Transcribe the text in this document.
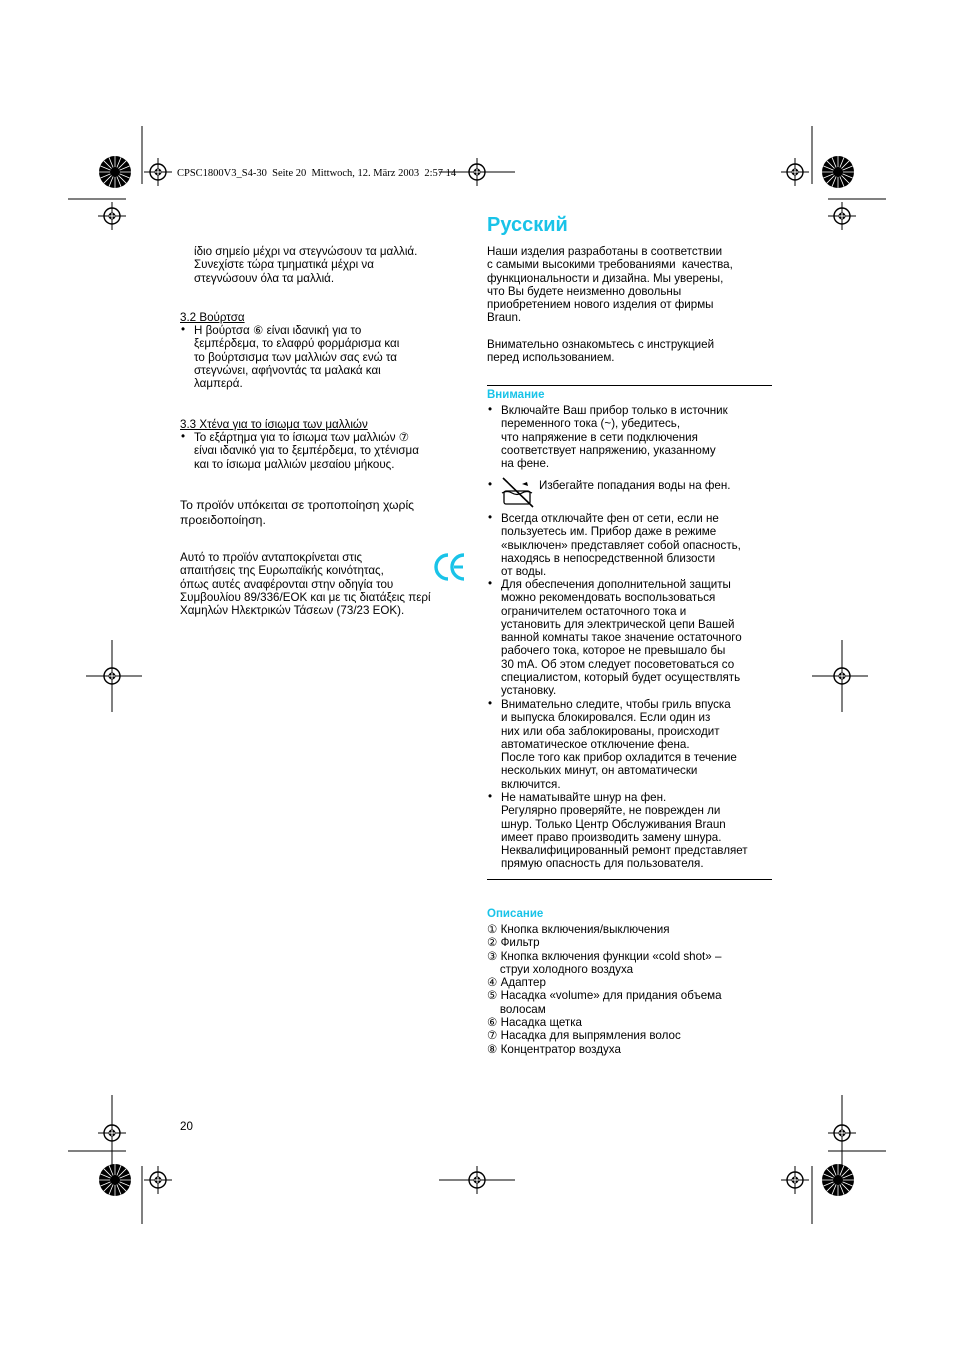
CPSC1800V3_S4-30  Seite 20  Mittwoch, 12. März 2003  2:57 14
ίδιο σημείο μέχρι να στεγνώσουν τα μαλλιά.
Συνεχίστε τώρα τμηματικά μέχρι να
στεγνώσουν όλα τα μαλλιά.
3.2 Βούρτσα
• Η βούρτσα ⑥ είναι ιδανική για το
ξεμπέρδεμα, το ελαφρύ φορμάρισμα και
το βούρτσισμα των μαλλιών σας ενώ τα
στεγνώνει, αφήνοντάς τα μαλακά και
λαμπερά.
3.3 Χτένα για το ίσιωμα των μαλλιών
• Το εξάρτημα για το ίσιωμα των μαλλιών ⑦
είναι ιδανικό για το ξεμπέρδεμα, το χτένισμα
και το ίσιωμα μαλλιών μεσαίου μήκους.
Το προϊόν υπόκειται σε τροποποίηση χωρίς
προειδοποίηση.
Αυτό το προϊόν ανταποκρίνεται στις
απαιτήσεις της Ευρωπαϊκής κοινότητας,
όπως αυτές αναφέρονται στην οδηγία του
Συμβουλίου 89/336/ΕΟΚ και με τις διατάξεις περί
Χαμηλών Ηλεκτρικών Τάσεων (73/23 ΕΟΚ).
Русский
Наши изделия разработаны в соответствии
с самыми высокими требованиями  качества,
функциональности и дизайна. Мы уверены,
что Вы будете неизменно довольны
приобретением нового изделия от фирмы
Braun.
Внимательно ознакомьтесь с инструкцией
перед использованием.
Внимание
• Включайте Ваш прибор только в источник
переменного тока (~), убедитесь,
что напряжение в сети подключения
соответствует напряжению, указанному
на фене.
•	Избегайте попадания воды на фен.
• Всегда отключайте фен от сети, если не
пользуетесь им. Прибор даже в режиме
«выключен» представляет собой опасность,
находясь в непосредственной близости
от воды.
• Для обеспечения дополнительной защиты
можно рекомендовать воспользоваться
ограничителем остаточного тока и
установить для электрической цепи Вашей
ванной комнаты такое значение остаточного
рабочего тока, которое не превышало бы
30 mA. Об этом следует посоветоваться со
специалистом, который будет осуществлять
установку.
• Внимательно следите, чтобы гриль впуска
и выпуска блокировался. Если один из
них или оба заблокированы, происходит
автоматическое отключение фена.
После того как прибор охладится в течение
нескольких минут, он автоматически
включится.
• Не наматывайте шнур на фен.
Регулярно проверяйте, не поврежден ли
шнур. Только Центр Обслуживания Braun
имеет право производить замену шнура.
Неквалифицированный ремонт представляет
прямую опасность для пользователя.
Описание
① Кнопка включения/выключения
② Фильтр
③ Кнопка включения функции «cold shot» –
струи холодного воздуха
④ Адаптер
⑤ Насадка «volume» для придания объема
волосам
⑥ Насадка щетка
⑦ Насадка для выпрямления волос
⑧ Концентратор воздуха
20
